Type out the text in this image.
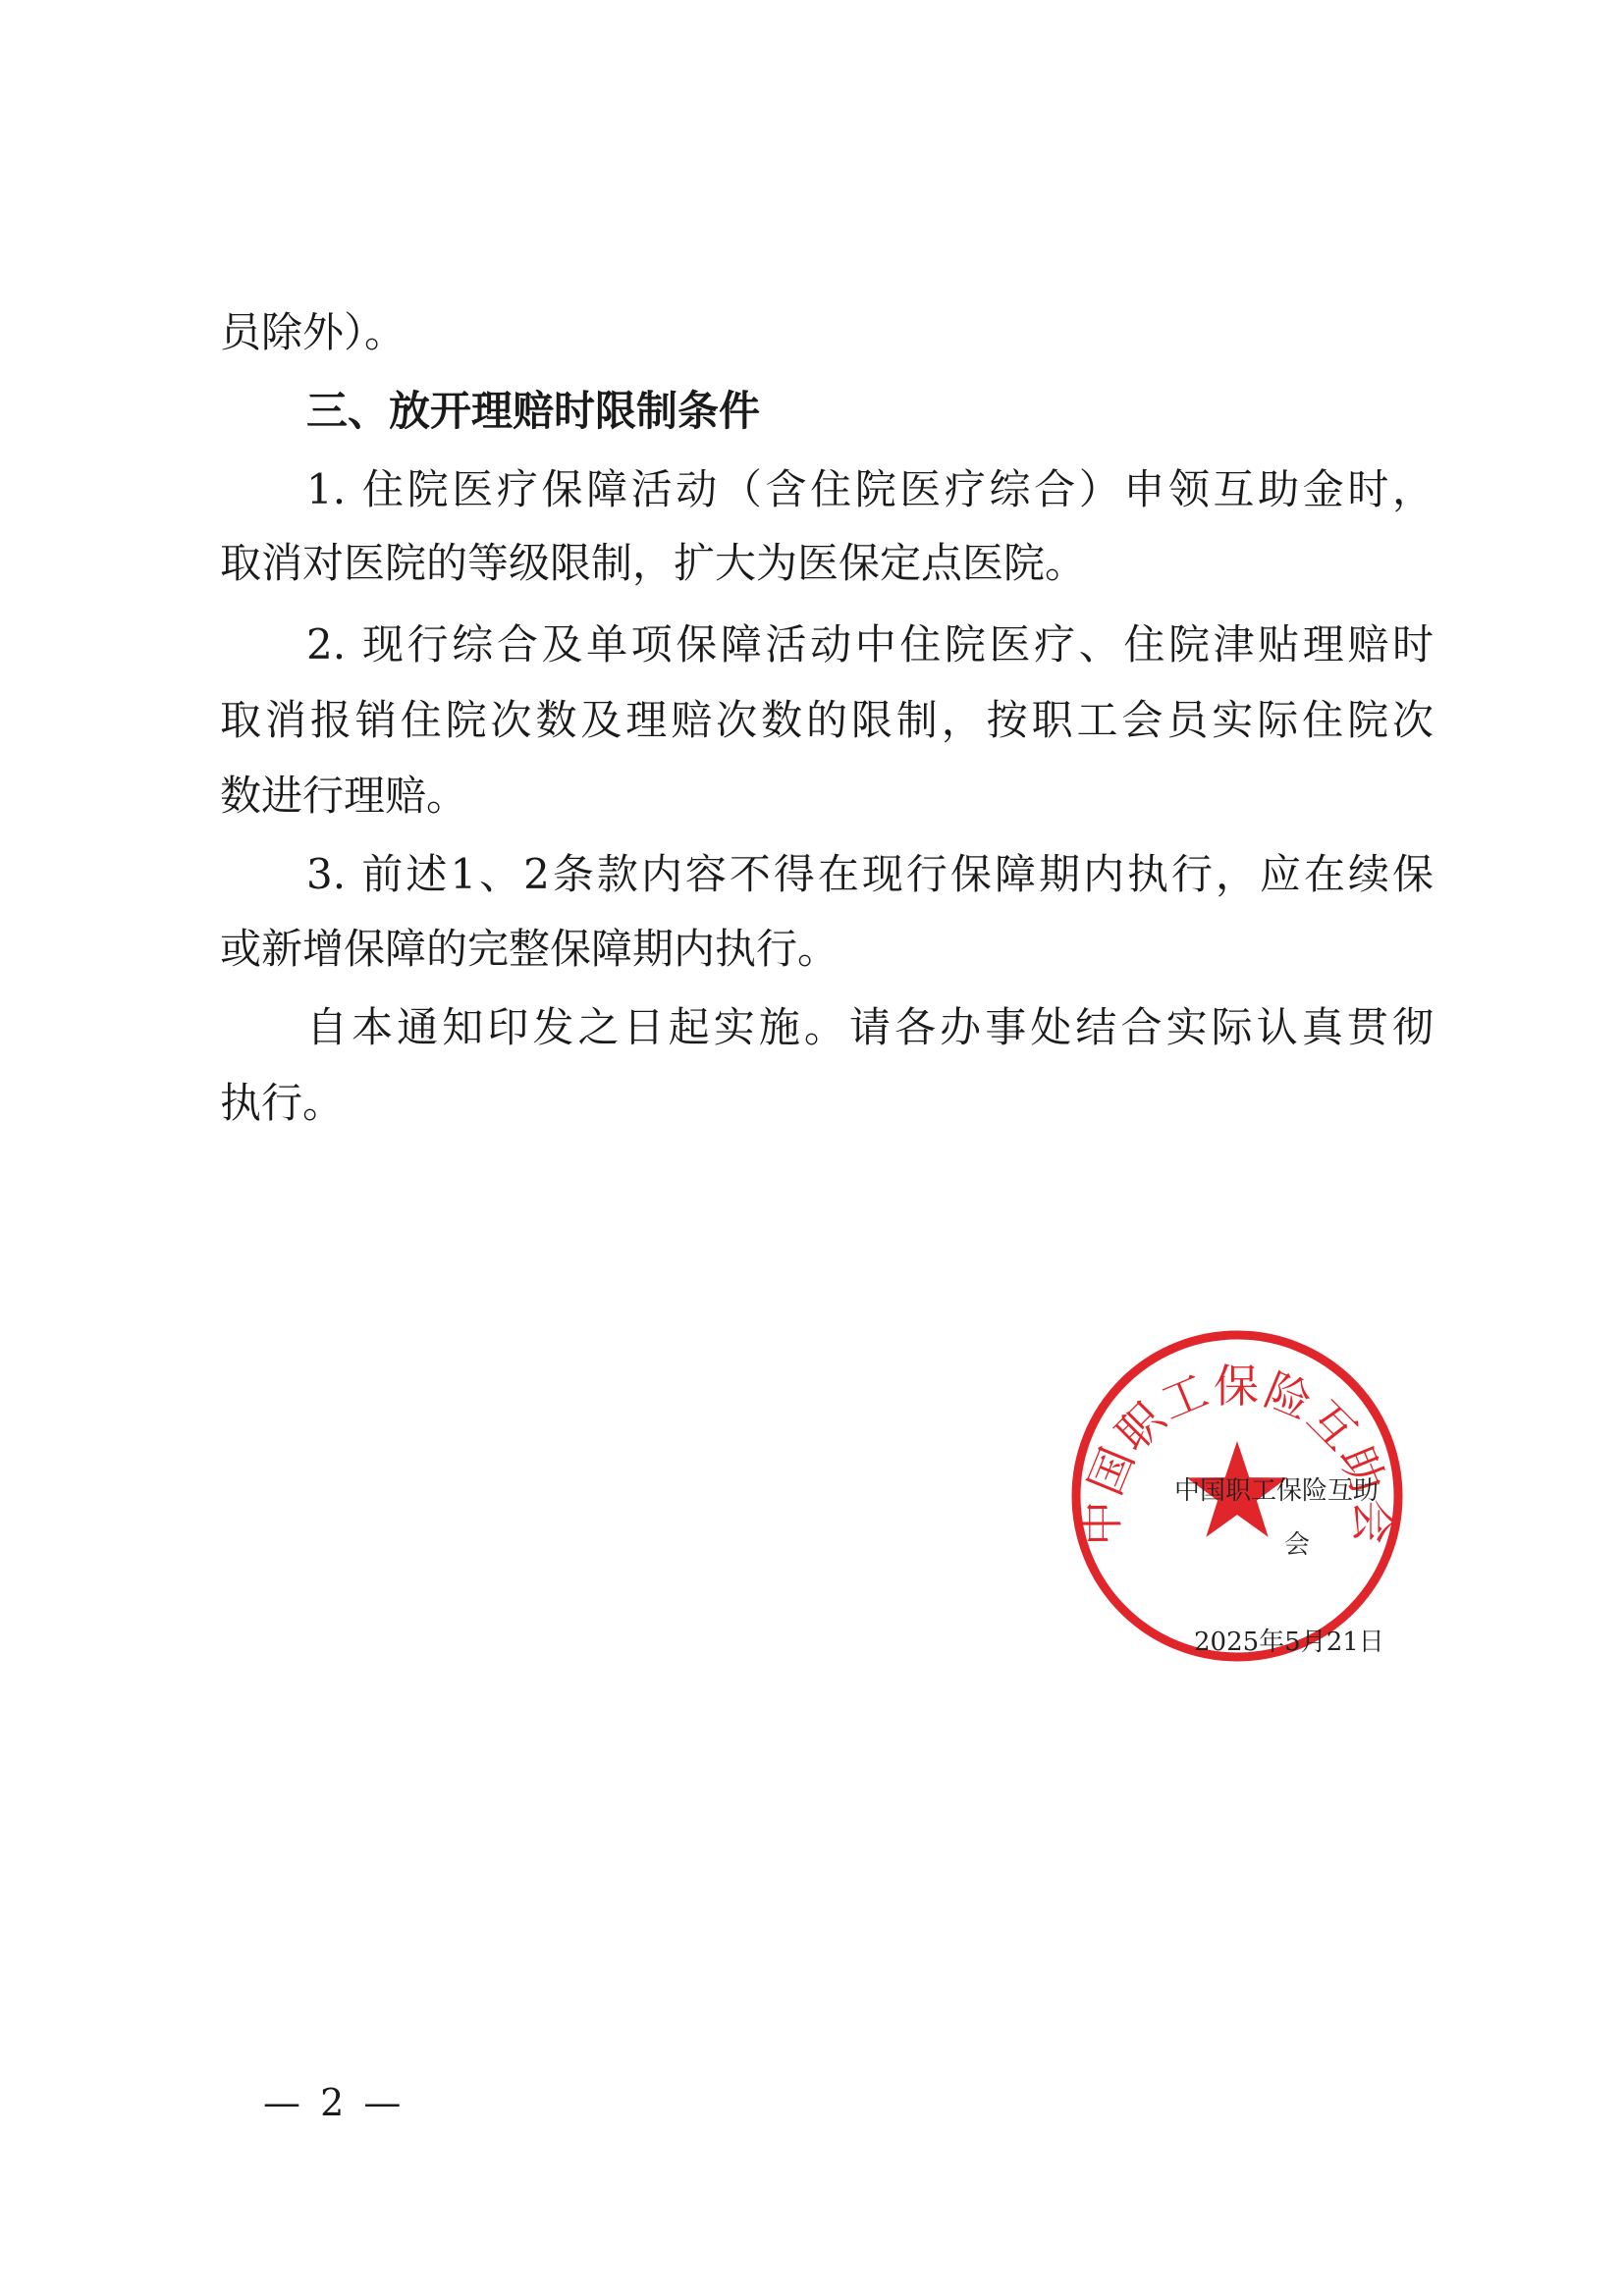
员除外）。
三、放开理赔时限制条件
1. 住院医疗保障活动（含住院医疗综合）申领互助金时，
取消对医院的等级限制，扩大为医保定点医院。
2. 现行综合及单项保障活动中住院医疗、住院津贴理赔时
取消报销住院次数及理赔次数的限制，按职工会员实际住院次
数进行理赔。
3. 前述1、2条款内容不得在现行保障期内执行，应在续保
或新增保障的完整保障期内执行。
自本通知印发之日起实施。请各办事处结合实际认真贯彻
执行。
中国职工保险互助会
中国职工保险互助
会
2025年5月21日
— 2 —
